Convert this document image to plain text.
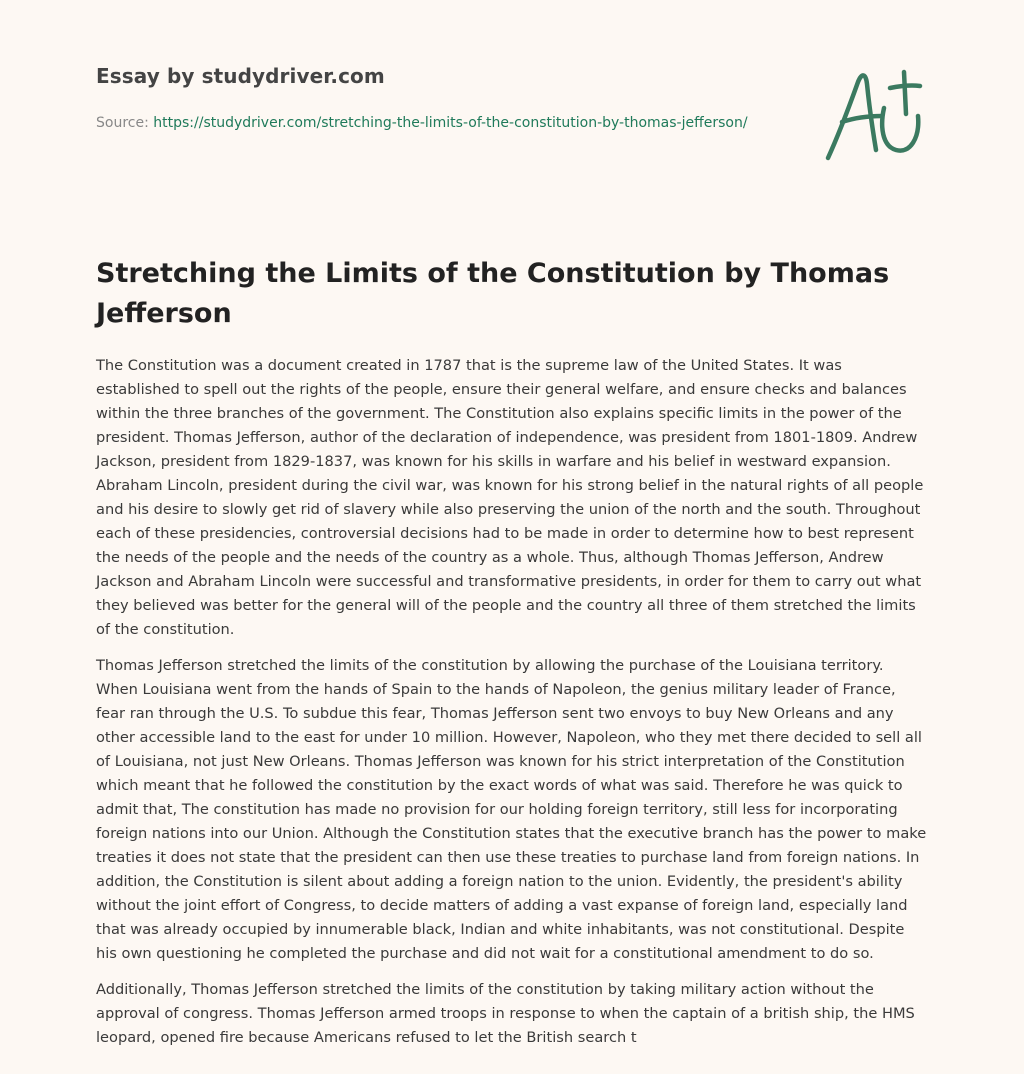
Essay by studydriver.com
Source: https://studydriver.com/stretching-the-limits-of-the-constitution-by-thomas-jefferson/
Stretching the Limits of the Constitution by Thomas Jefferson

The Constitution was a document created in 1787 that is the supreme law of the United States. It was established to spell out the rights of the people, ensure their general welfare, and ensure checks and balances within the three branches of the government. The Constitution also explains specific limits in the power of the president. Thomas Jefferson, author of the declaration of independence, was president from 1801-1809. Andrew Jackson, president from 1829-1837, was known for his skills in warfare and his belief in westward expansion. Abraham Lincoln, president during the civil war, was known for his strong belief in the natural rights of all people and his desire to slowly get rid of slavery while also preserving the union of the north and the south. Throughout each of these presidencies, controversial decisions had to be made in order to determine how to best represent the needs of the people and the needs of the country as a whole. Thus, although Thomas Jefferson, Andrew Jackson and Abraham Lincoln were successful and transformative presidents, in order for them to carry out what they believed was better for the general will of the people and the country all three of them stretched the limits of the constitution.

Thomas Jefferson stretched the limits of the constitution by allowing the purchase of the Louisiana territory. When Louisiana went from the hands of Spain to the hands of Napoleon, the genius military leader of France, fear ran through the U.S. To subdue this fear, Thomas Jefferson sent two envoys to buy New Orleans and any other accessible land to the east for under 10 million. However, Napoleon, who they met there decided to sell all of Louisiana, not just New Orleans. Thomas Jefferson was known for his strict interpretation of the Constitution which meant that he followed the constitution by the exact words of what was said. Therefore he was quick to admit that, The constitution has made no provision for our holding foreign territory, still less for incorporating foreign nations into our Union. Although the Constitution states that the executive branch has the power to make treaties it does not state that the president can then use these treaties to purchase land from foreign nations. In addition, the Constitution is silent about adding a foreign nation to the union. Evidently, the president's ability without the joint effort of Congress, to decide matters of adding a vast expanse of foreign land, especially land that was already occupied by innumerable black, Indian and white inhabitants, was not constitutional. Despite his own questioning he completed the purchase and did not wait for a constitutional amendment to do so.

Additionally, Thomas Jefferson stretched the limits of the constitution by taking military action without the approval of congress. Thomas Jefferson armed troops in response to when the captain of a british ship, the HMS leopard, opened fire because Americans refused to let the British search t
